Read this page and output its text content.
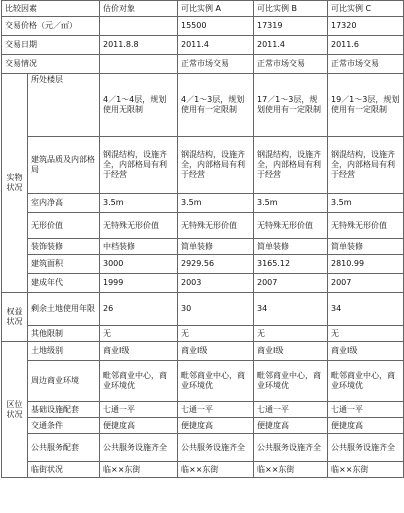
比较因素		估价对象	可比实例 A	可比实例 B	可比实例 C
交易价格（元／㎡）			15500	17319	17320
交易日期		2011.8.8	2011.4	2011.4	2011.6
交易情况			正常市场交易	正常市场交易	正常市场交易
实物状况	所处楼层	4／1～4层，规划使用无限制	4／1～3层，规划使用有一定限制	17／1～3层，规划使用有一定限制	19／1～3层，规划使用有一定限制
	建筑品质及内部格局	钢混结构，设施齐全，内部格局有利于经营	钢混结构，设施齐全，内部格局有利于经营	钢混结构，设施齐全，内部格局有利于经营	钢混结构，设施齐全，内部格局有利于经营
	室内净高	3.5m	3.5m	3.5m	3.5m
	无形价值	无特殊无形价值	无特殊无形价值	无特殊无形价值	无特殊无形价值
	装饰装修	中档装修	简单装修	简单装修	简单装修
	建筑面积	3000	2929.56	3165.12	2810.99
	建成年代	1999	2003	2007	2007
权益状况	剩余土地使用年限	26	30	34	34
	其他限制	无	无	无	无
区位状况	土地级别	商业Ⅰ级	商业Ⅰ级	商业Ⅰ级	商业Ⅰ级
	周边商业环境	毗邻商业中心，商业环境优	毗邻商业中心，商业环境优	毗邻商业中心，商业环境优	毗邻商业中心，商业环境优
	基础设施配套	七通一平	七通一平	七通一平	七通一平
	交通条件	便捷度高	便捷度高	便捷度高	便捷度高
	公共服务配套	公共服务设施齐全	公共服务设施齐全	公共服务设施齐全	公共服务设施齐全
	临街状况	临××东街	临××东街	临××东街	临××东街
